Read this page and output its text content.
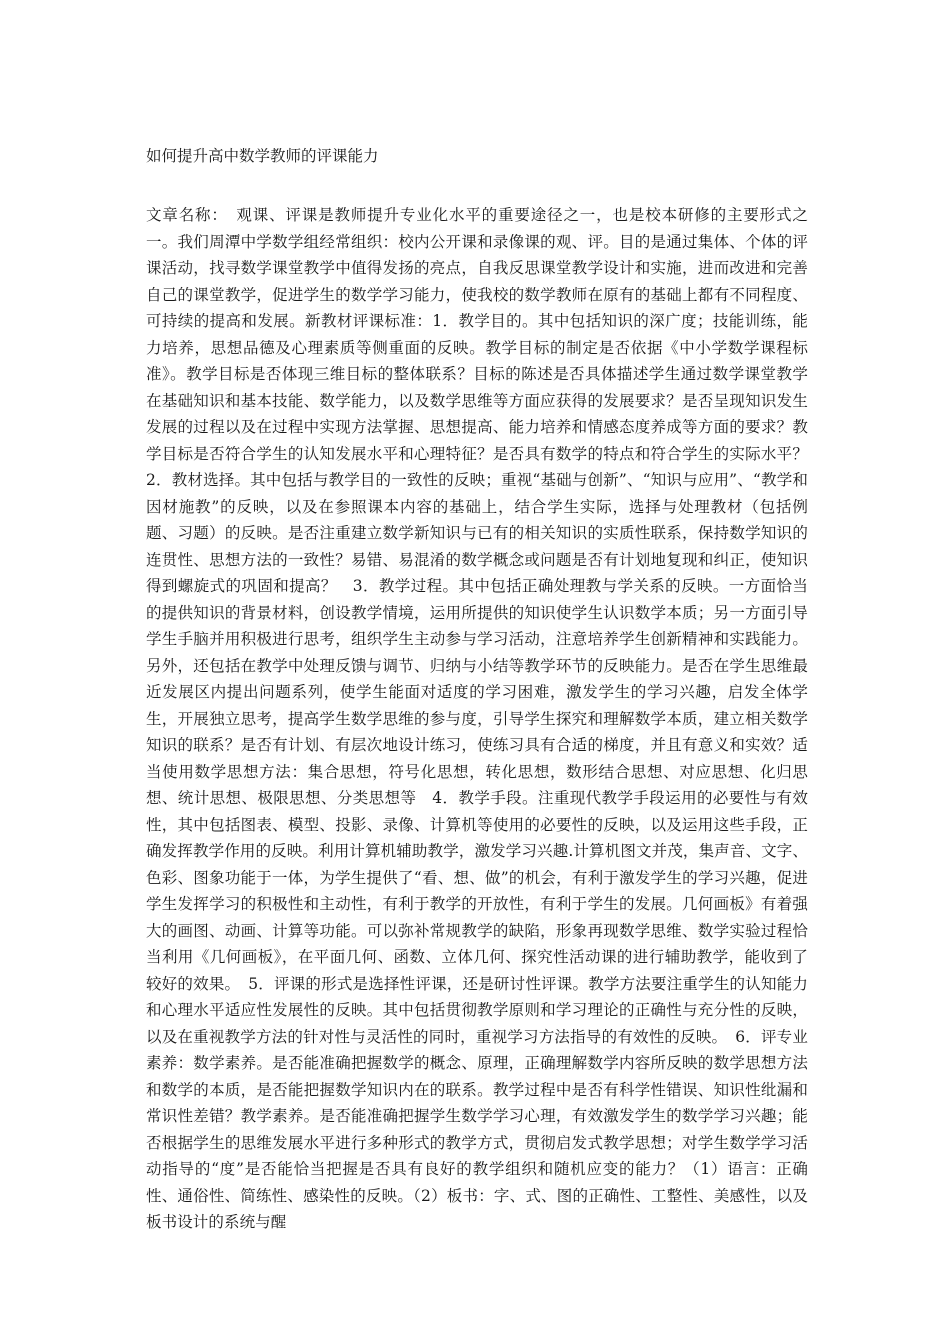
如何提升高中数学教师的评课能力
文章名称：　观课、评课是教师提升专业化水平的重要途径之一，也是校本研修的主要形式之一。我们周潭中学数学组经常组织：校内公开课和录像课的观、评。目的是通过集体、个体的评课活动，找寻数学课堂教学中值得发扬的亮点，自我反思课堂教学设计和实施，进而改进和完善自己的课堂教学，促进学生的数学学习能力，使我校的数学教师在原有的基础上都有不同程度、可持续的提高和发展。新教材评课标准：1．教学目的。其中包括知识的深广度；技能训练，能力培养，思想品德及心理素质等侧重面的反映。教学目标的制定是否依据《中小学数学课程标准》。教学目标是否体现三维目标的整体联系？目标的陈述是否具体描述学生通过数学课堂教学在基础知识和基本技能、数学能力，以及数学思维等方面应获得的发展要求？是否呈现知识发生发展的过程以及在过程中实现方法掌握、思想提高、能力培养和情感态度养成等方面的要求？教学目标是否符合学生的认知发展水平和心理特征？是否具有数学的特点和符合学生的实际水平？　2．教材选择。其中包括与教学目的一致性的反映；重视“基础与创新”、“知识与应用”、“教学和因材施教”的反映，以及在参照课本内容的基础上，结合学生实际，选择与处理教材（包括例题、习题）的反映。是否注重建立数学新知识与已有的相关知识的实质性联系，保持数学知识的连贯性、思想方法的一致性？易错、易混淆的数学概念或问题是否有计划地复现和纠正，使知识得到螺旋式的巩固和提高？　3．教学过程。其中包括正确处理教与学关系的反映。一方面恰当的提供知识的背景材料，创设教学情境，运用所提供的知识使学生认识数学本质；另一方面引导学生手脑并用积极进行思考，组织学生主动参与学习活动，注意培养学生创新精神和实践能力。另外，还包括在教学中处理反馈与调节、归纳与小结等教学环节的反映能力。是否在学生思维最近发展区内提出问题系列，使学生能面对适度的学习困难，激发学生的学习兴趣，启发全体学生，开展独立思考，提高学生数学思维的参与度，引导学生探究和理解数学本质，建立相关数学知识的联系？是否有计划、有层次地设计练习，使练习具有合适的梯度，并且有意义和实效？适当使用数学思想方法：集合思想，符号化思想，转化思想，数形结合思想、对应思想、化归思想、统计思想、极限思想、分类思想等　4．教学手段。注重现代教学手段运用的必要性与有效性，其中包括图表、模型、投影、录像、计算机等使用的必要性的反映，以及运用这些手段，正确发挥教学作用的反映。利用计算机辅助教学，激发学习兴趣.计算机图文并茂，集声音、文字、色彩、图象功能于一体，为学生提供了“看、想、做”的机会，有利于激发学生的学习兴趣，促进学生发挥学习的积极性和主动性，有利于教学的开放性，有利于学生的发展。几何画板》有着强大的画图、动画、计算等功能。可以弥补常规教学的缺陷，形象再现数学思维、数学实验过程恰当利用《几何画板》，在平面几何、函数、立体几何、探究性活动课的进行辅助教学，能收到了较好的效果。　5．评课的形式是选择性评课，还是研讨性评课。教学方法要注重学生的认知能力和心理水平适应性发展性的反映。其中包括贯彻教学原则和学习理论的正确性与充分性的反映，以及在重视教学方法的针对性与灵活性的同时，重视学习方法指导的有效性的反映。　6．评专业素养：数学素养。是否能准确把握数学的概念、原理，正确理解数学内容所反映的数学思想方法和数学的本质，是否能把握数学知识内在的联系。教学过程中是否有科学性错误、知识性纰漏和常识性差错？教学素养。是否能准确把握学生数学学习心理，有效激发学生的数学学习兴趣；能否根据学生的思维发展水平进行多种形式的教学方式，贯彻启发式教学思想；对学生数学学习活动指导的“度”是否能恰当把握是否具有良好的教学组织和随机应变的能力？（1）语言：正确性、通俗性、简练性、感染性的反映。（2）板书：字、式、图的正确性、工整性、美感性，以及板书设计的系统与醒
